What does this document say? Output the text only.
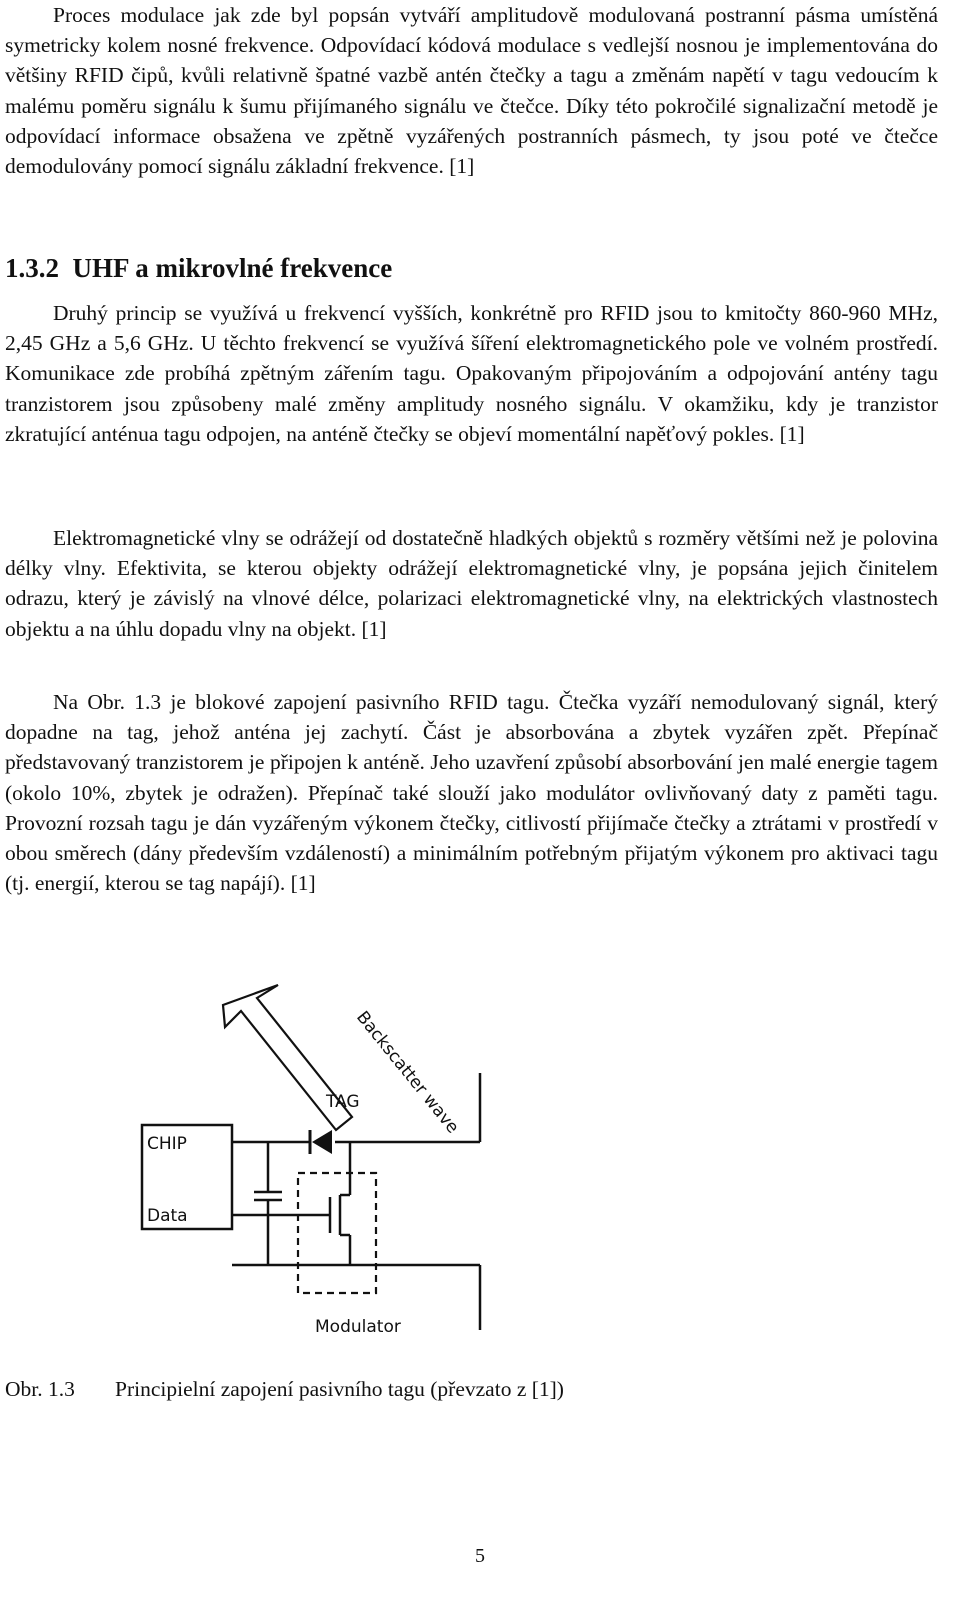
Proces modulace jak zde byl popsán vytváří amplitudově modulovaná postranní pásma umístěná symetricky kolem nosné frekvence. Odpovídací kódová modulace s vedlejší nosnou je implementována do většiny RFID čipů, kvůli relativně špatné vazbě antén čtečky a tagu a změnám napětí v tagu vedoucím k malému poměru signálu k šumu přijímaného signálu ve čtečce. Díky této pokročilé signalizační metodě je odpovídací informace obsažena ve zpětně vyzářených postranních pásmech, ty jsou poté ve čtečce demodulovány pomocí signálu základní frekvence. [1]

1.3.2 UHF a mikrovlné frekvence

Druhý princip se využívá u frekvencí vyšších, konkrétně pro RFID jsou to kmitočty 860-960 MHz, 2,45 GHz a 5,6 GHz. U těchto frekvencí se využívá šíření elektromagnetického pole ve volném prostředí. Komunikace zde probíhá zpětným zářením tagu. Opakovaným připojováním a odpojování antény tagu tranzistorem jsou způsobeny malé změny amplitudy nosného signálu. V okamžiku, kdy je tranzistor zkratující anténua tagu odpojen, na anténě čtečky se objeví momentální napěťový pokles. [1]

Elektromagnetické vlny se odrážejí od dostatečně hladkých objektů s rozměry většími než je polovina délky vlny. Efektivita, se kterou objekty odrážejí elektromagnetické vlny, je popsána jejich činitelem odrazu, který je závislý na vlnové délce, polarizaci elektromagnetické vlny, na elektrických vlastnostech objektu a na úhlu dopadu vlny na objekt. [1]

Na Obr. 1.3 je blokové zapojení pasivního RFID tagu. Čtečka vyzáří nemodulovaný signál, který dopadne na tag, jehož anténa jej zachytí. Část je absorbována a zbytek vyzářen zpět. Přepínač představovaný tranzistorem je připojen k anténě. Jeho uzavření způsobí absorbování jen malé energie tagem (okolo 10%, zbytek je odražen). Přepínač také slouží jako modulátor ovlivňovaný daty z paměti tagu. Provozní rozsah tagu je dán vyzářeným výkonem čtečky, citlivostí přijímače čtečky a ztrátami v prostředí v obou směrech (dány především vzdáleností) a minimálním potřebným přijatým výkonem pro aktivaci tagu (tj. energií, kterou se tag napájí). [1]

Backscatter wave
TAG
CHIP
Data
Modulator
Obr. 1.3 Principielní zapojení pasivního tagu (převzato z [1])
5
